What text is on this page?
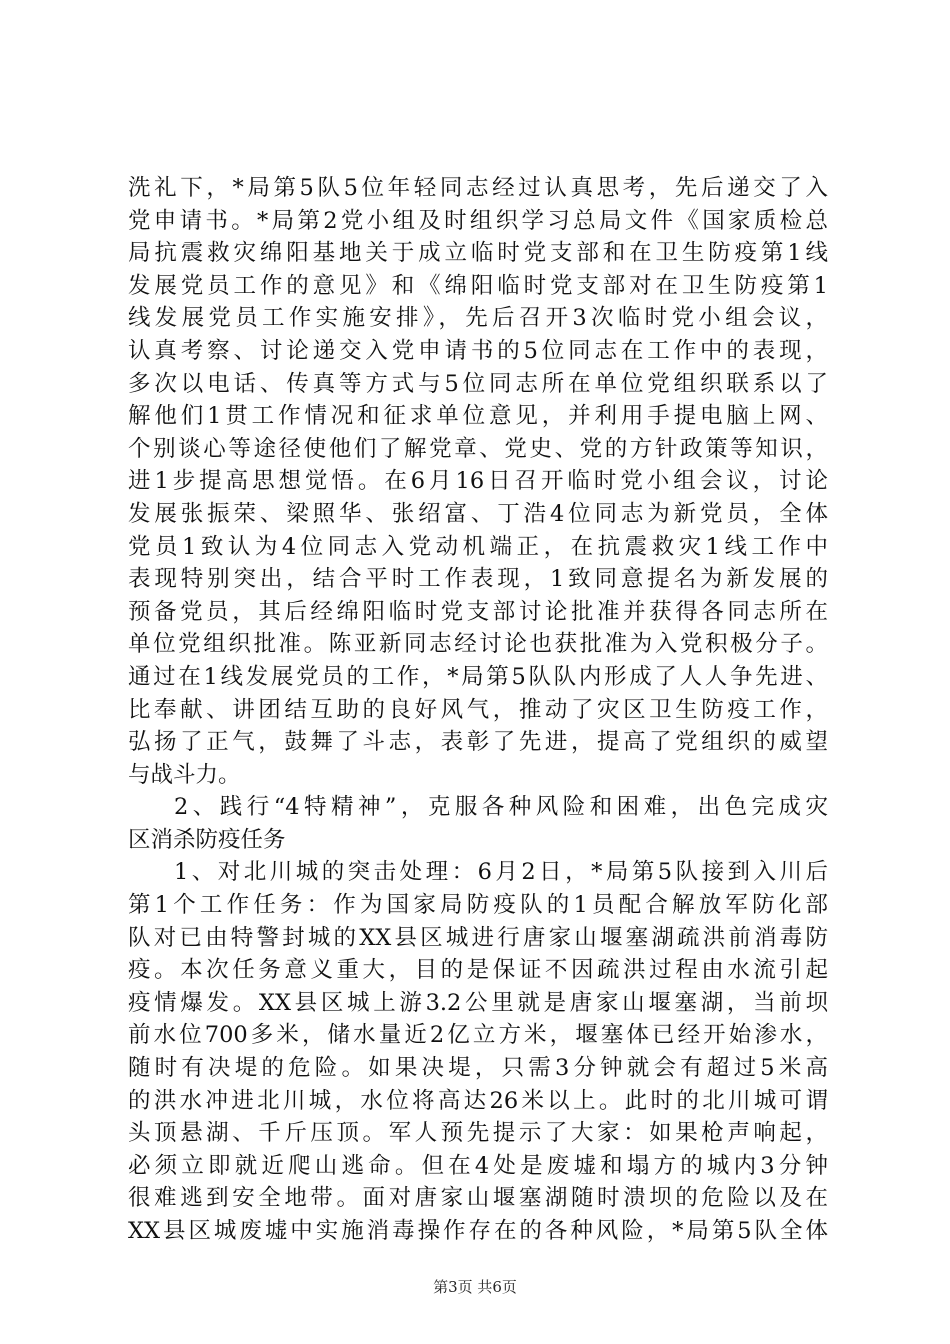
洗礼下，*局第5队5位年轻同志经过认真思考，先后递交了入
党申请书。*局第2党小组及时组织学习总局文件《国家质检总
局抗震救灾绵阳基地关于成立临时党支部和在卫生防疫第1线
发展党员工作的意见》和《绵阳临时党支部对在卫生防疫第1
线发展党员工作实施安排》，先后召开3次临时党小组会议，
认真考察、讨论递交入党申请书的5位同志在工作中的表现，
多次以电话、传真等方式与5位同志所在单位党组织联系以了
解他们1贯工作情况和征求单位意见，并利用手提电脑上网、
个别谈心等途径使他们了解党章、党史、党的方针政策等知识，
进1步提高思想觉悟。在6月16日召开临时党小组会议，讨论
发展张振荣、梁照华、张绍富、丁浩4位同志为新党员，全体
党员1致认为4位同志入党动机端正，在抗震救灾1线工作中
表现特别突出，结合平时工作表现，1致同意提名为新发展的
预备党员，其后经绵阳临时党支部讨论批准并获得各同志所在
单位党组织批准。陈亚新同志经讨论也获批准为入党积极分子。
通过在1线发展党员的工作，*局第5队队内形成了人人争先进、
比奉献、讲团结互助的良好风气，推动了灾区卫生防疫工作，
弘扬了正气，鼓舞了斗志，表彰了先进，提高了党组织的威望
与战斗力。
2、践行“4特精神”，克服各种风险和困难，出色完成灾
区消杀防疫任务
1、对北川城的突击处理：6月2日，*局第5队接到入川后
第1个工作任务：作为国家局防疫队的1员配合解放军防化部
队对已由特警封城的XX县区城进行唐家山堰塞湖疏洪前消毒防
疫。本次任务意义重大，目的是保证不因疏洪过程由水流引起
疫情爆发。XX县区城上游3.2公里就是唐家山堰塞湖，当前坝
前水位700多米，储水量近2亿立方米，堰塞体已经开始渗水，
随时有决堤的危险。如果决堤，只需3分钟就会有超过5米高
的洪水冲进北川城，水位将高达26米以上。此时的北川城可谓
头顶悬湖、千斤压顶。军人预先提示了大家：如果枪声响起，
必须立即就近爬山逃命。但在4处是废墟和塌方的城内3分钟
很难逃到安全地带。面对唐家山堰塞湖随时溃坝的危险以及在
XX县区城废墟中实施消毒操作存在的各种风险，*局第5队全体
第3页 共6页
